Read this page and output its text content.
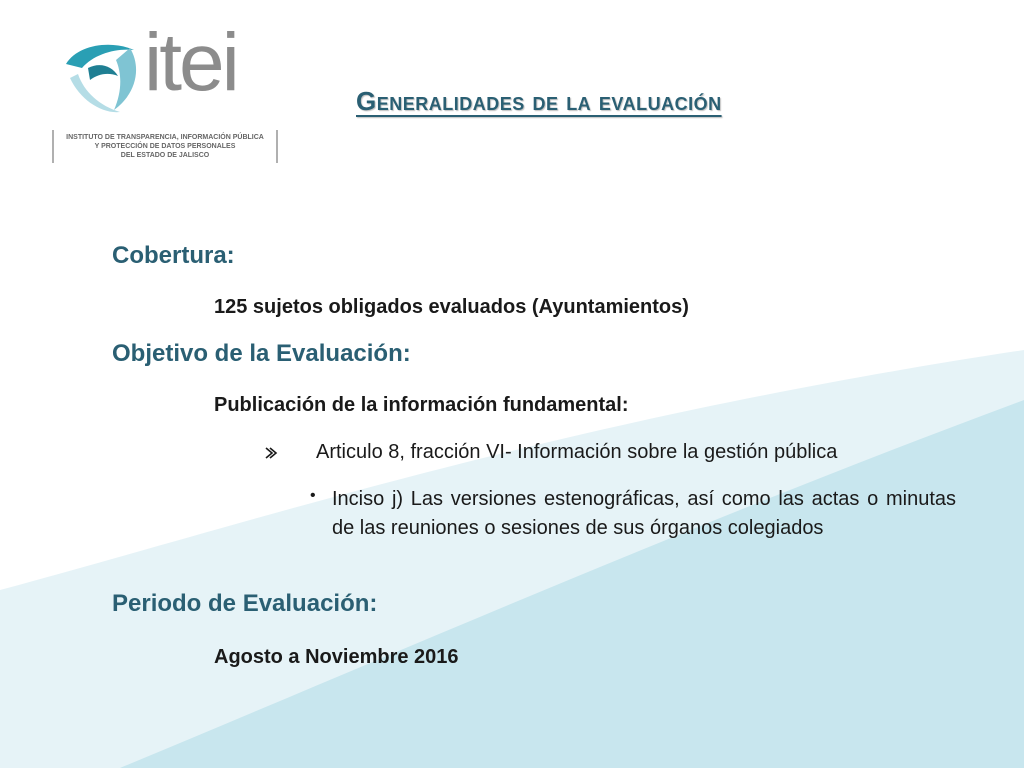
itei
INSTITUTO DE TRANSPARENCIA, INFORMACIÓN PÚBLICA
Y PROTECCIÓN DE DATOS PERSONALES
DEL ESTADO DE JALISCO
Generalidades de la evaluación
Cobertura:

125 sujetos obligados evaluados (Ayuntamientos)

Objetivo de la Evaluación:

Publicación de la información fundamental:

Articulo 8, fracción VI- Información sobre la gestión pública
• Inciso j) Las versiones estenográficas, así como las actas o minutas de las reuniones o sesiones de sus órganos colegiados

Periodo de Evaluación:

Agosto a Noviembre 2016
